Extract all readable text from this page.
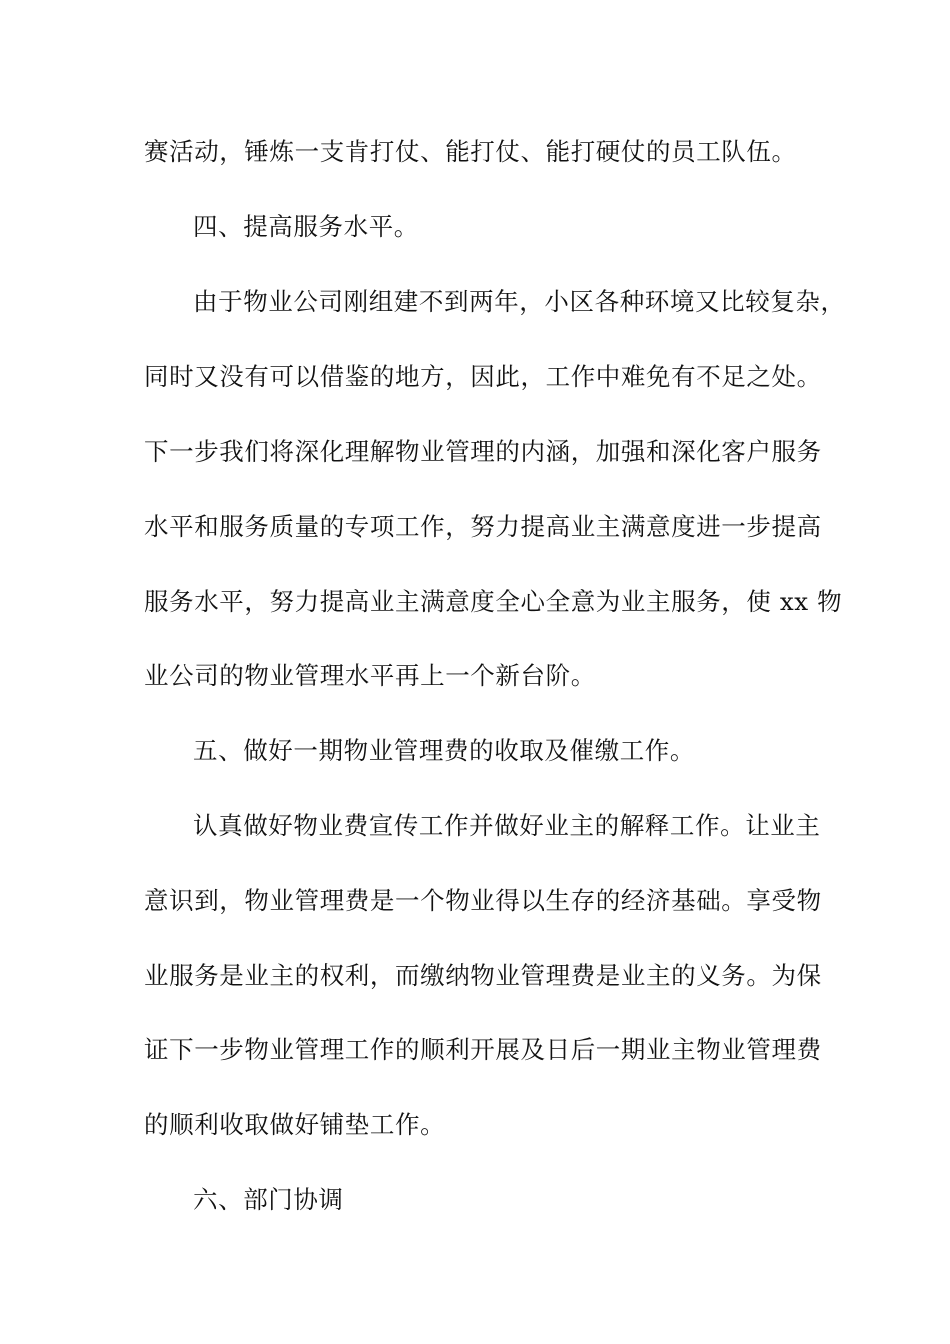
赛活动，锤炼一支肯打仗、能打仗、能打硬仗的员工队伍。
四、提高服务水平。
由于物业公司刚组建不到两年，小区各种环境又比较复杂，
同时又没有可以借鉴的地方，因此，工作中难免有不足之处。
下一步我们将深化理解物业管理的内涵，加强和深化客户服务
水平和服务质量的专项工作，努力提高业主满意度进一步提高
服务水平，努力提高业主满意度全心全意为业主服务，使 xx 物
业公司的物业管理水平再上一个新台阶。
五、做好一期物业管理费的收取及催缴工作。
认真做好物业费宣传工作并做好业主的解释工作。让业主
意识到，物业管理费是一个物业得以生存的经济基础。享受物
业服务是业主的权利，而缴纳物业管理费是业主的义务。为保
证下一步物业管理工作的顺利开展及日后一期业主物业管理费
的顺利收取做好铺垫工作。
六、部门协调
